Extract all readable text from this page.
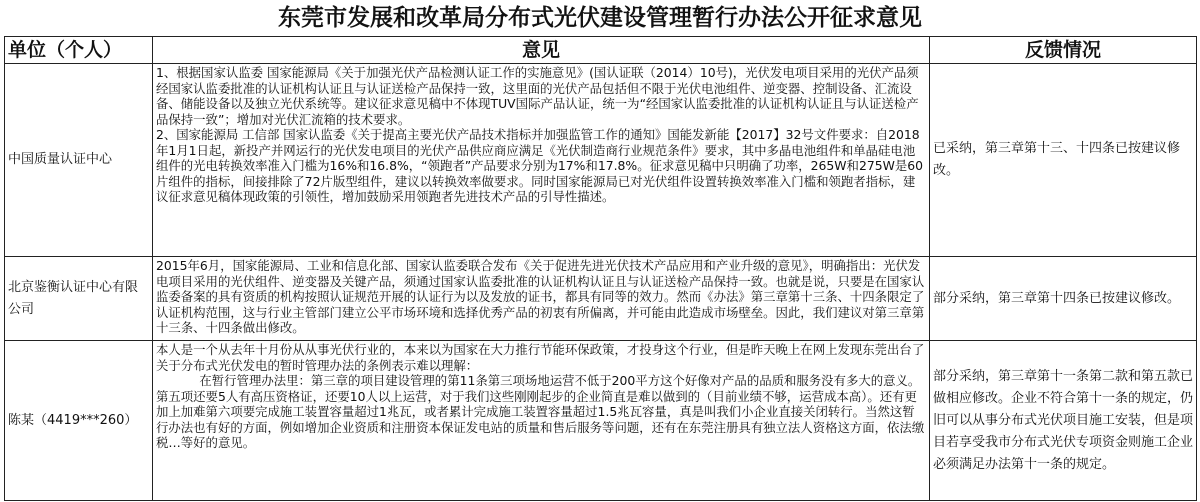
东莞市发展和改革局分布式光伏建设管理暂行办法公开征求意见
单位（个人）	意见	反馈情况
中国质量认证中心	1、根据国家认监委 国家能源局《关于加强光伏产品检测认证工作的实施意见》(国认证联（2014）10号)，光伏发电项目采用的光伏产品须经国家认监委批准的认证机构认证且与认证送检产品保持一致，这里面的光伏产品包括但不限于光伏电池组件、逆变器、控制设备、汇流设备、储能设备以及独立光伏系统等。建议征求意见稿中不体现TUV国际产品认证，统一为“经国家认监委批准的认证机构认证且与认证送检产品保持一致”；增加对光伏汇流箱的技术要求。

2、国家能源局 工信部 国家认监委《关于提高主要光伏产品技术指标并加强监管工作的通知》国能发新能【2017】32号文件要求：自2018年1月1日起，新投产并网运行的光伏发电项目的光伏产品供应商应满足《光伏制造商行业规范条件》要求，其中多晶电池组件和单晶硅电池组件的光电转换效率准入门槛为16%和16.8%，“领跑者”产品要求分别为17%和17.8%。征求意见稿中只明确了功率，265W和275W是60片组件的指标，间接排除了72片版型组件，建议以转换效率做要求。同时国家能源局已对光伏组件设置转换效率准入门槛和领跑者指标，建议征求意见稿体现政策的引领性，增加鼓励采用领跑者先进技术产品的引导性描述。	已采纳，第三章第十三、十四条已按建议修改。
北京鉴衡认证中心有限公司	2015年6月，国家能源局、工业和信息化部、国家认监委联合发布《关于促进先进光伏技术产品应用和产业升级的意见》，明确指出：光伏发电项目采用的光伏组件、逆变器及关键产品，须通过国家认监委批准的认证机构认证且与认证送检产品保持一致。也就是说，只要是在国家认监委备案的具有资质的机构按照认证规范开展的认证行为以及发放的证书，都具有同等的效力。然而《办法》第三章第十三条、十四条限定了认证机构范围，这与行业主管部门建立公平市场环境和选择优秀产品的初衷有所偏离，并可能由此造成市场壁垒。因此，我们建议对第三章第十三条、十四条做出修改。	部分采纳，第三章第十四条已按建议修改。
陈某（4419***260）	本人是一个从去年十月份从从事光伏行业的，本来以为国家在大力推行节能环保政策，才投身这个行业，但是昨天晚上在网上发现东莞出台了关于分布式光伏发电的暂时管理办法的条例表示难以理解：

在暂行管理办法里：第三章的项目建设管理的第11条第三项场地运营不低于200平方这个好像对产品的品质和服务没有多大的意义。第五项还要5人有高压资格证，还要10人以上运营，对于我们这些刚刚起步的企业简直是难以做到的（目前业绩不够，运营成本高）。还有更加上加难第六项要完成施工装置容量超过1兆瓦，或者累计完成施工装置容量超过1.5兆瓦容量，真是叫我们小企业直接关闭转行。当然这暂行办法也有好的方面，例如增加企业资质和注册资本保证发电站的质量和售后服务等问题，还有在东莞注册具有独立法人资格这方面，依法缴税…等好的意见。	部分采纳，第三章第十一条第二款和第五款已做相应修改。企业不符合第十一条的规定，仍旧可以从事分布式光伏项目施工安装，但是项目若享受我市分布式光伏专项资金则施工企业必须满足办法第十一条的规定。
